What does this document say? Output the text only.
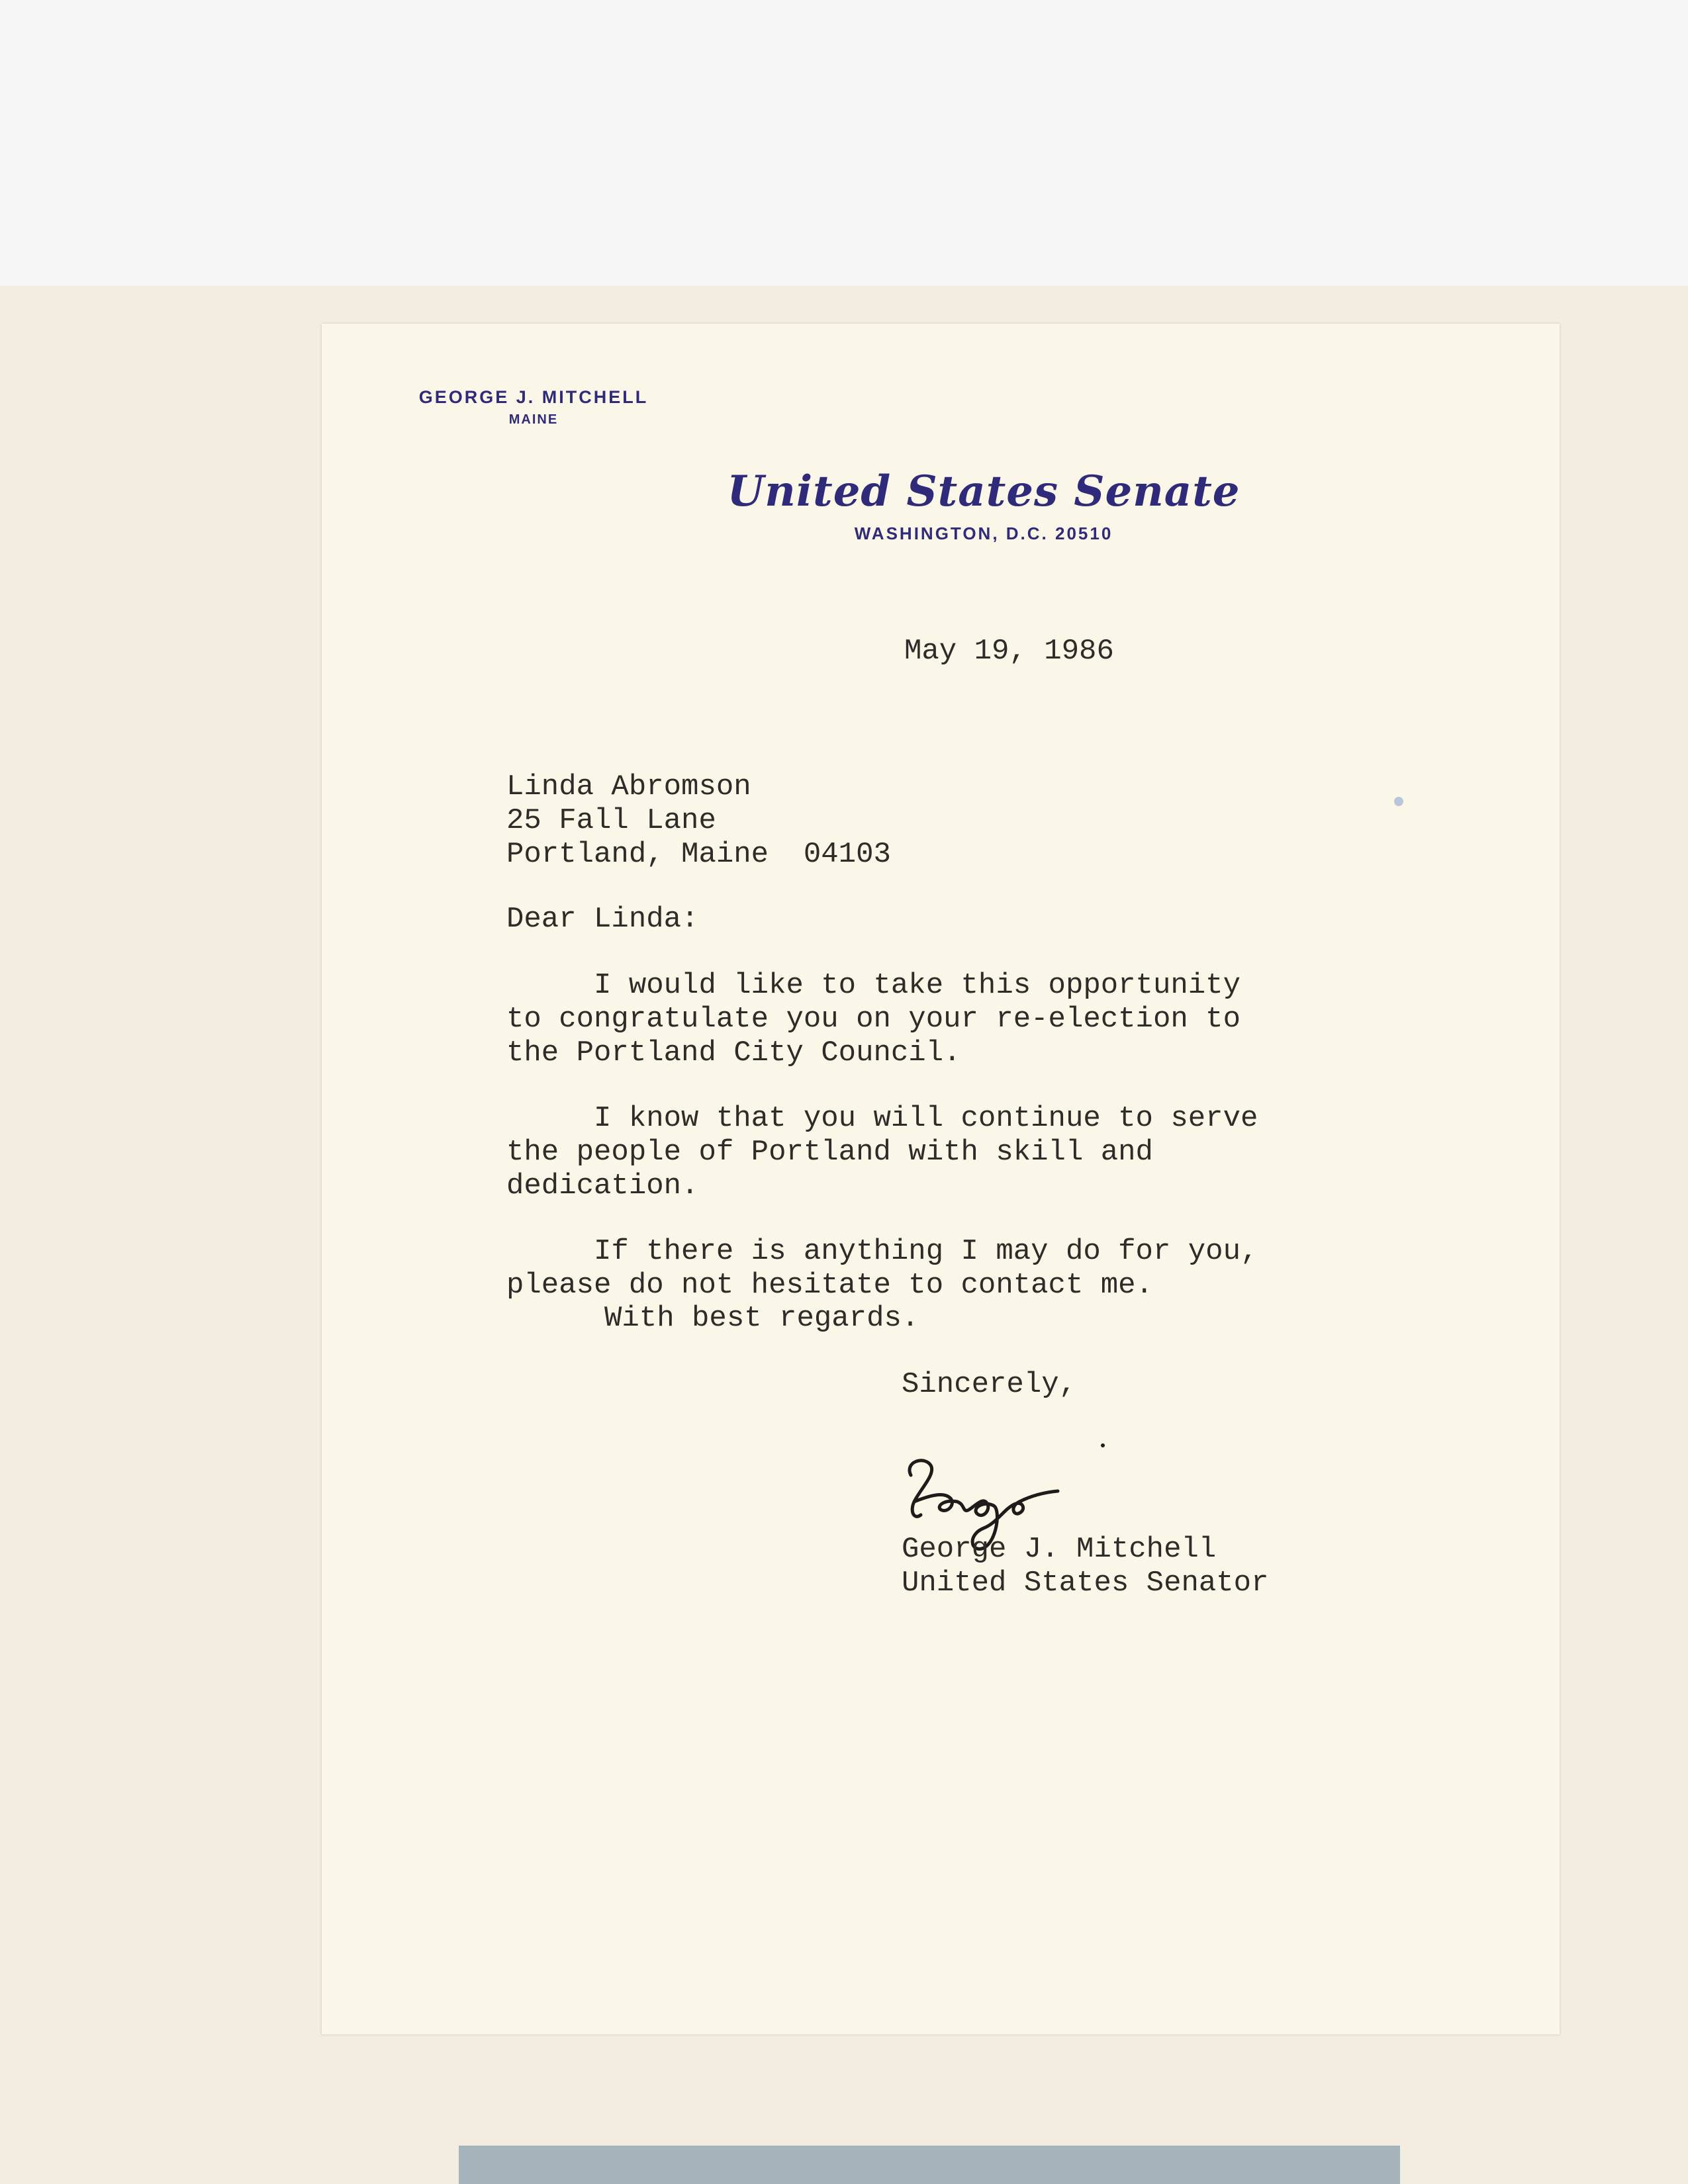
GEORGE J. MITCHELL
MAINE
United States Senate
WASHINGTON, D.C. 20510
May 19, 1986
Linda Abromson
25 Fall Lane
Portland, Maine  04103
Dear Linda:
I would like to take this opportunity
to congratulate you on your re-election to
the Portland City Council.
I know that you will continue to serve
the people of Portland with skill and
dedication.
If there is anything I may do for you,
please do not hesitate to contact me.
With best regards.
Sincerely,
George J. Mitchell
United States Senator
